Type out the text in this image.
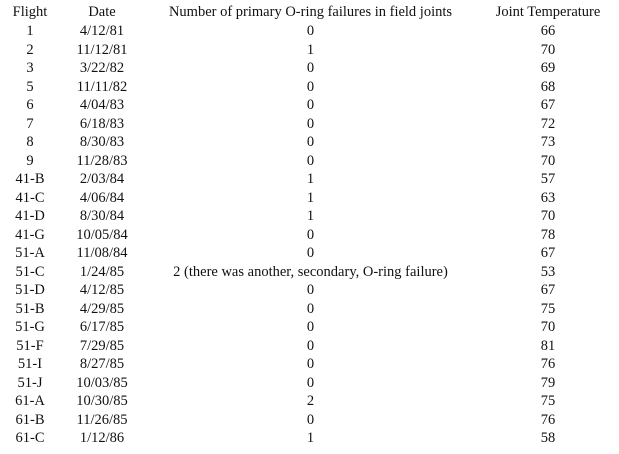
Flight	Date	Number of primary O-ring failures in field joints	Joint Temperature
1	4/12/81	0	66
2	11/12/81	1	70
3	3/22/82	0	69
5	11/11/82	0	68
6	4/04/83	0	67
7	6/18/83	0	72
8	8/30/83	0	73
9	11/28/83	0	70
41-B	2/03/84	1	57
41-C	4/06/84	1	63
41-D	8/30/84	1	70
41-G	10/05/84	0	78
51-A	11/08/84	0	67
51-C	1/24/85	2 (there was another, secondary, O-ring failure)	53
51-D	4/12/85	0	67
51-B	4/29/85	0	75
51-G	6/17/85	0	70
51-F	7/29/85	0	81
51-I	8/27/85	0	76
51-J	10/03/85	0	79
61-A	10/30/85	2	75
61-B	11/26/85	0	76
61-C	1/12/86	1	58
